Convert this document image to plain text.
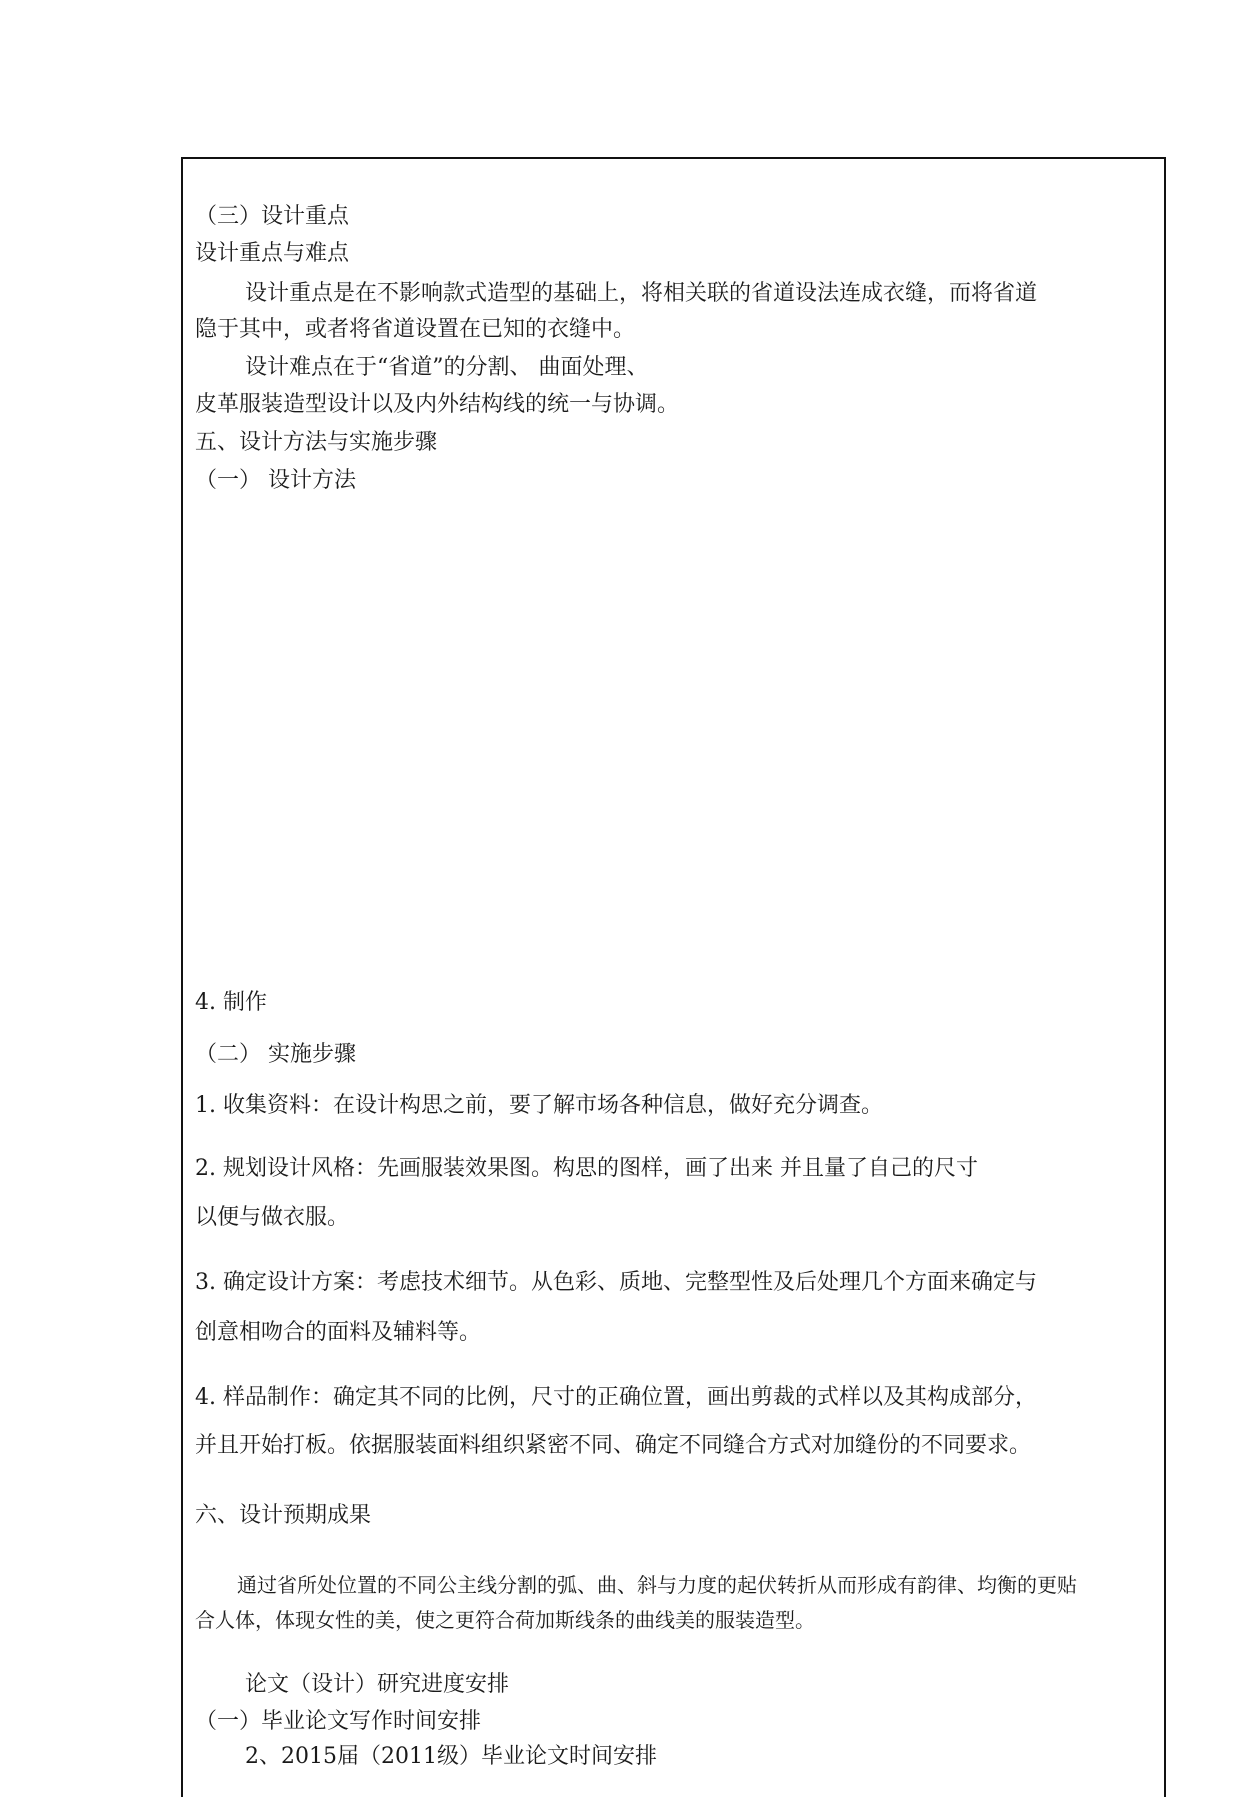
（三）设计重点
设计重点与难点
设计重点是在不影响款式造型的基础上，将相关联的省道设法连成衣缝，而将省道
隐于其中，或者将省道设置在已知的衣缝中。
设计难点在于“省道”的分割、 曲面处理、
皮革服装造型设计以及内外结构线的统一与协调。
五、设计方法与实施步骤
（一） 设计方法
4. 制作
（二） 实施步骤
1. 收集资料：在设计构思之前，要了解市场各种信息，做好充分调查。
2. 规划设计风格：先画服装效果图。构思的图样，画了出来 并且量了自己的尺寸
以便与做衣服。
3. 确定设计方案：考虑技术细节。从色彩、质地、完整型性及后处理几个方面来确定与
创意相吻合的面料及辅料等。
4. 样品制作：确定其不同的比例，尺寸的正确位置，画出剪裁的式样以及其构成部分，
并且开始打板。依据服装面料组织紧密不同、确定不同缝合方式对加缝份的不同要求。
六、设计预期成果
通过省所处位置的不同公主线分割的弧、曲、斜与力度的起伏转折从而形成有韵律、均衡的更贴
合人体，体现女性的美，使之更符合荷加斯线条的曲线美的服装造型。
论文（设计）研究进度安排
（一）毕业论文写作时间安排
2、2015届（2011级）毕业论文时间安排
